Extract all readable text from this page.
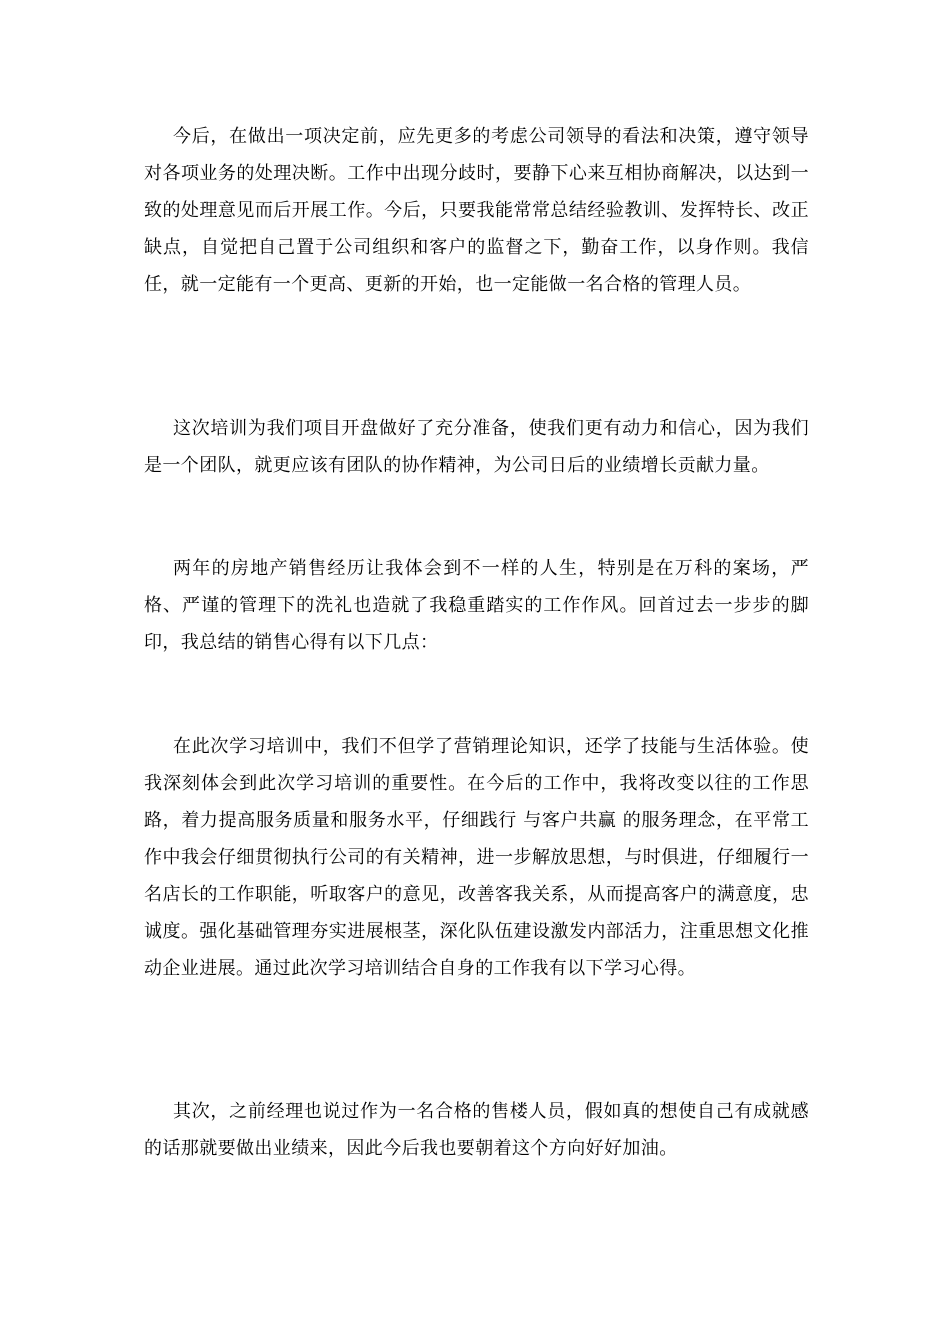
今后，在做出一项决定前，应先更多的考虑公司领导的看法和决策，遵守领导对各项业务的处理决断。工作中出现分歧时，要静下心来互相协商解决，以达到一致的处理意见而后开展工作。今后，只要我能常常总结经验教训、发挥特长、改正缺点，自觉把自己置于公司组织和客户的监督之下，勤奋工作，以身作则。我信任，就一定能有一个更高、更新的开始，也一定能做一名合格的管理人员。

这次培训为我们项目开盘做好了充分准备，使我们更有动力和信心，因为我们是一个团队，就更应该有团队的协作精神，为公司日后的业绩增长贡献力量。

两年的房地产销售经历让我体会到不一样的人生，特别是在万科的案场，严格、严谨的管理下的洗礼也造就了我稳重踏实的工作作风。回首过去一步步的脚印，我总结的销售心得有以下几点：

在此次学习培训中，我们不但学了营销理论知识，还学了技能与生活体验。使我深刻体会到此次学习培训的重要性。在今后的工作中，我将改变以往的工作思路，着力提高服务质量和服务水平，仔细践行 与客户共赢 的服务理念，在平常工作中我会仔细贯彻执行公司的有关精神，进一步解放思想，与时俱进，仔细履行一名店长的工作职能，听取客户的意见，改善客我关系，从而提高客户的满意度，忠诚度。强化基础管理夯实进展根茎，深化队伍建设激发内部活力，注重思想文化推动企业进展。通过此次学习培训结合自身的工作我有以下学习心得。

其次，之前经理也说过作为一名合格的售楼人员，假如真的想使自己有成就感的话那就要做出业绩来，因此今后我也要朝着这个方向好好加油。
